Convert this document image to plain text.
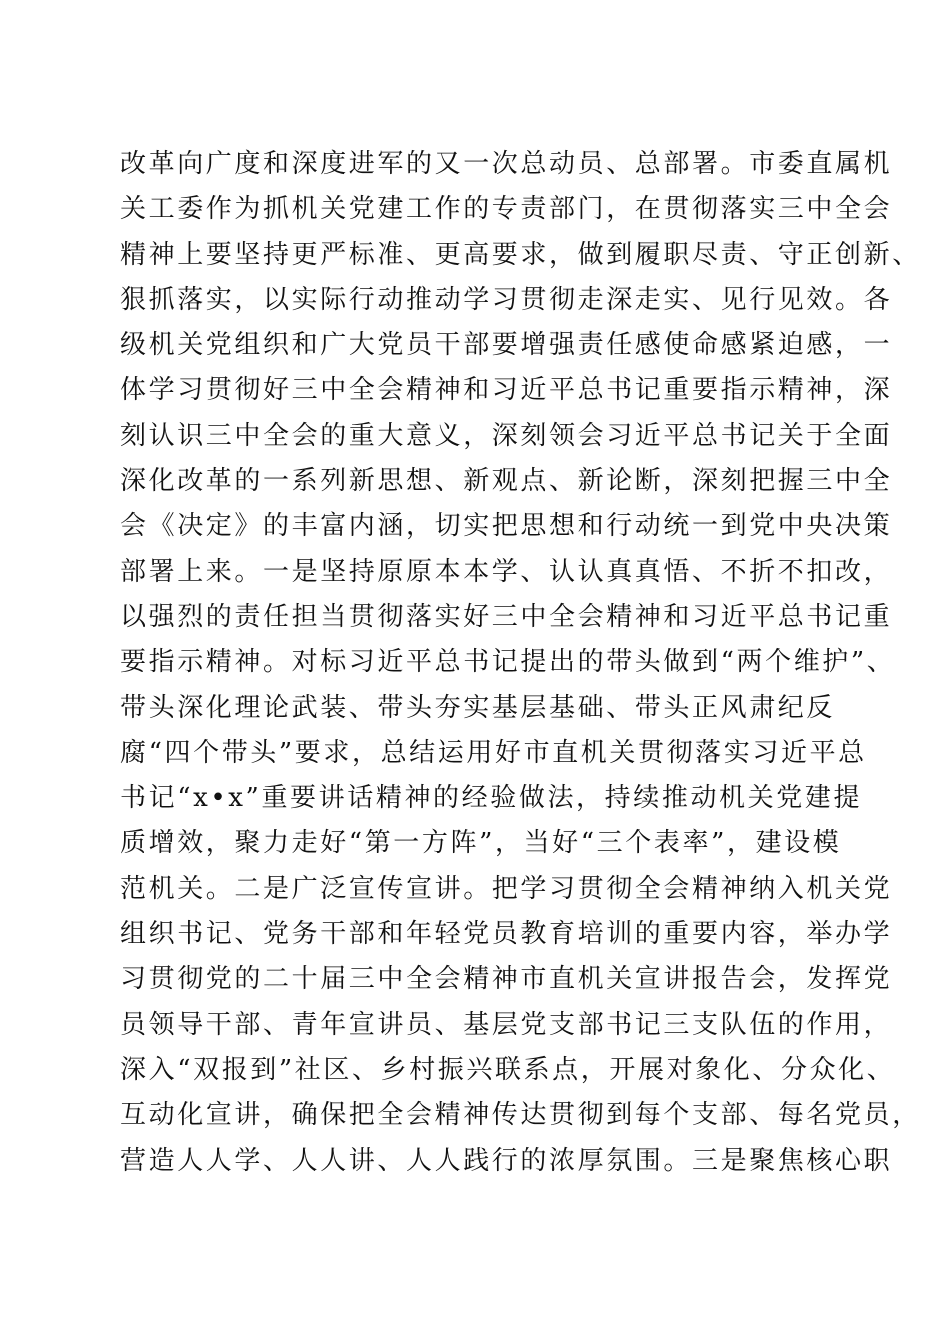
改革向广度和深度进军的又一次总动员、总部署。市委直属机
关工委作为抓机关党建工作的专责部门，在贯彻落实三中全会
精神上要坚持更严标准、更高要求，做到履职尽责、守正创新、
狠抓落实，以实际行动推动学习贯彻走深走实、见行见效。各
级机关党组织和广大党员干部要增强责任感使命感紧迫感，一
体学习贯彻好三中全会精神和习近平总书记重要指示精神，深
刻认识三中全会的重大意义，深刻领会习近平总书记关于全面
深化改革的一系列新思想、新观点、新论断，深刻把握三中全
会《决定》的丰富内涵，切实把思想和行动统一到党中央决策
部署上来。一是坚持原原本本学、认认真真悟、不折不扣改，
以强烈的责任担当贯彻落实好三中全会精神和习近平总书记重
要指示精神。对标习近平总书记提出的带头做到“两个维护”、
带头深化理论武装、带头夯实基层基础、带头正风肃纪反
腐“四个带头”要求，总结运用好市直机关贯彻落实习近平总
书记“x•x”重要讲话精神的经验做法，持续推动机关党建提
质增效，聚力走好“第一方阵”，当好“三个表率”，建设模
范机关。二是广泛宣传宣讲。把学习贯彻全会精神纳入机关党
组织书记、党务干部和年轻党员教育培训的重要内容，举办学
习贯彻党的二十届三中全会精神市直机关宣讲报告会，发挥党
员领导干部、青年宣讲员、基层党支部书记三支队伍的作用，
深入“双报到”社区、乡村振兴联系点，开展对象化、分众化、
互动化宣讲，确保把全会精神传达贯彻到每个支部、每名党员，
营造人人学、人人讲、人人践行的浓厚氛围。三是聚焦核心职
